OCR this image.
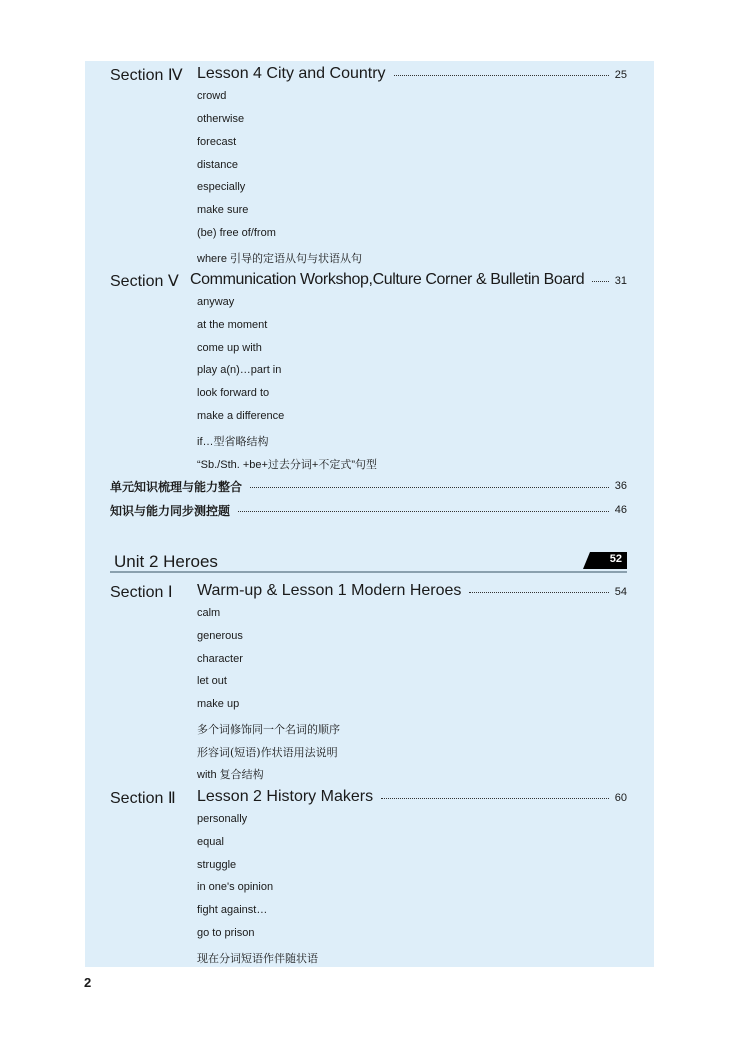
Section Ⅳ Lesson 4 City and Country	25
crowd
otherwise
forecast
distance
especially
make sure
(be) free of/from
where 引导的定语从句与状语从句
Section Ⅴ Communication Workshop,Culture Corner & Bulletin Board	31
anyway
at the moment
come up with
play a(n)…part in
look forward to
make a difference
if…型省略结构
“Sb./Sth. +be+过去分词+不定式”句型
单元知识梳理与能力整合	36
知识与能力同步测控题	46
Unit 2 Heroes	52
Section Ⅰ Warm-up & Lesson 1 Modern Heroes	54
calm
generous
character
let out
make up
多个词修饰同一个名词的顺序
形容词(短语)作状语用法说明
with 复合结构
Section Ⅱ Lesson 2 History Makers	60
personally
equal
struggle
in one's opinion
fight against…
go to prison
现在分词短语作伴随状语
2
